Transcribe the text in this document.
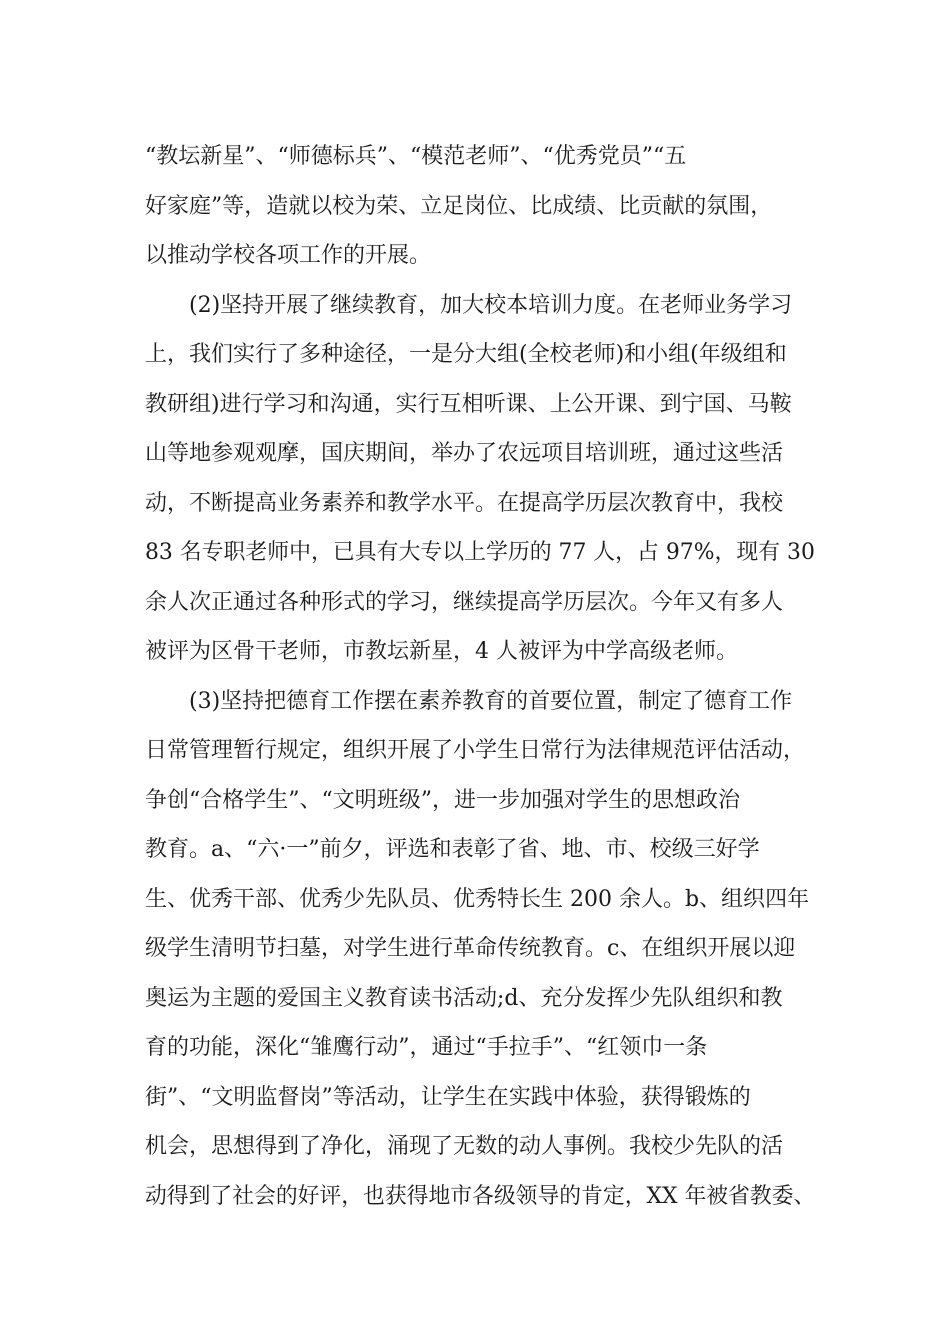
“教坛新星”、“师德标兵”、“模范老师”、“优秀党员”“五
好家庭”等，造就以校为荣、立足岗位、比成绩、比贡献的氛围，
以推动学校各项工作的开展。
(2)坚持开展了继续教育，加大校本培训力度。在老师业务学习
上，我们实行了多种途径，一是分大组(全校老师)和小组(年级组和
教研组)进行学习和沟通，实行互相听课、上公开课、到宁国、马鞍
山等地参观观摩，国庆期间，举办了农远项目培训班，通过这些活
动，不断提高业务素养和教学水平。在提高学历层次教育中，我校
83 名专职老师中，已具有大专以上学历的 77 人，占 97%，现有 30
余人次正通过各种形式的学习，继续提高学历层次。今年又有多人
被评为区骨干老师，市教坛新星，4 人被评为中学高级老师。
(3)坚持把德育工作摆在素养教育的首要位置，制定了德育工作
日常管理暂行规定，组织开展了小学生日常行为法律规范评估活动，
争创“合格学生”、“文明班级”，进一步加强对学生的思想政治
教育。a、“六·一”前夕，评选和表彰了省、地、市、校级三好学
生、优秀干部、优秀少先队员、优秀特长生 200 余人。b、组织四年
级学生清明节扫墓，对学生进行革命传统教育。c、在组织开展以迎
奥运为主题的爱国主义教育读书活动;d、充分发挥少先队组织和教
育的功能，深化“雏鹰行动”，通过“手拉手”、“红领巾一条
街”、“文明监督岗”等活动，让学生在实践中体验，获得锻炼的
机会，思想得到了净化，涌现了无数的动人事例。我校少先队的活
动得到了社会的好评，也获得地市各级领导的肯定，XX 年被省教委、
